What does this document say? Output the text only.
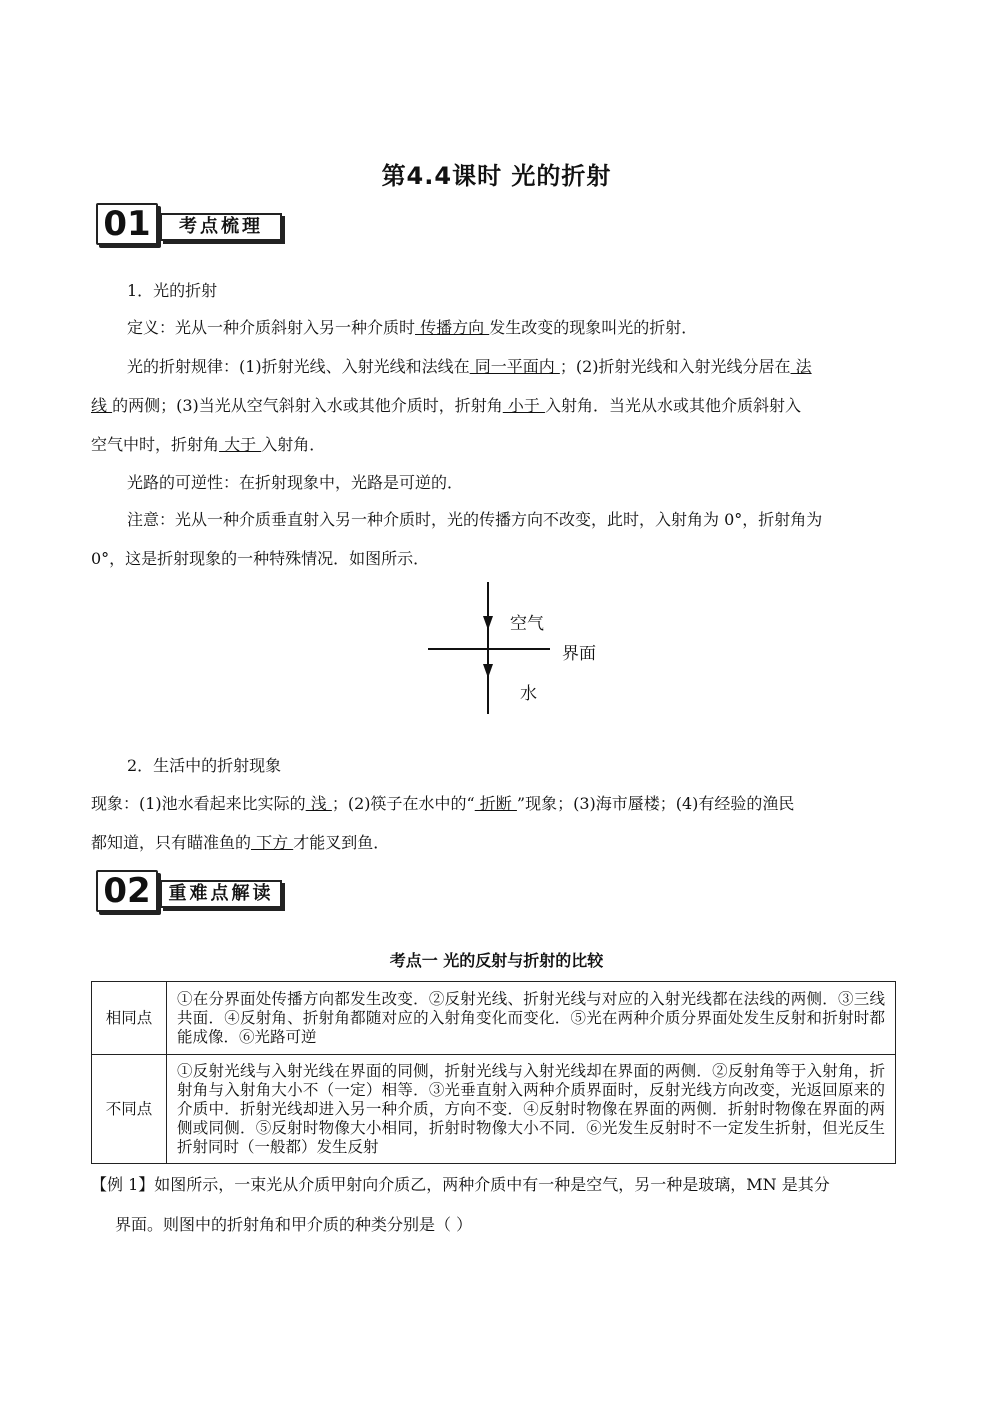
第4.4课时 光的折射
01	考点梳理
1．光的折射
定义：光从一种介质斜射入另一种介质时 传播方向 发生改变的现象叫光的折射．
光的折射规律：(1)折射光线、入射光线和法线在 同一平面内 ；(2)折射光线和入射光线分居在 法
线 的两侧；(3)当光从空气斜射入水或其他介质时，折射角 小于 入射角．当光从水或其他介质斜射入
空气中时，折射角 大于 入射角．
光路的可逆性：在折射现象中，光路是可逆的．
注意：光从一种介质垂直射入另一种介质时，光的传播方向不改变，此时，入射角为 0°，折射角为
0°，这是折射现象的一种特殊情况．如图所示．
空气
界面
水
2．生活中的折射现象
现象：(1)池水看起来比实际的 浅 ；(2)筷子在水中的“ 折断 ”现象；(3)海市蜃楼；(4)有经验的渔民
都知道，只有瞄准鱼的 下方 才能叉到鱼．
02 重难点解读
考点一 光的反射与折射的比较
相同点	①在分界面处传播方向都发生改变．②反射光线、折射光线与对应的入射光线都在法线的两侧．③三线共面．④反射角、折射角都随对应的入射角变化而变化．⑤光在两种介质分界面处发生反射和折射时都能成像．⑥光路可逆
不同点	①反射光线与入射光线在界面的同侧，折射光线与入射光线却在界面的两侧．②反射角等于入射角，折射角与入射角大小不（一定）相等．③光垂直射入两种介质界面时，反射光线方向改变，光返回原来的介质中．折射光线却进入另一种介质，方向不变．④反射时物像在界面的两侧．折射时物像在界面的两侧或同侧．⑤反射时物像大小相同，折射时物像大小不同．⑥光发生反射时不一定发生折射，但光反生折射同时（一般都）发生反射
【例 1】如图所示，一束光从介质甲射向介质乙，两种介质中有一种是空气，另一种是玻璃，MN 是其分
界面。则图中的折射角和甲介质的种类分别是（ ）
